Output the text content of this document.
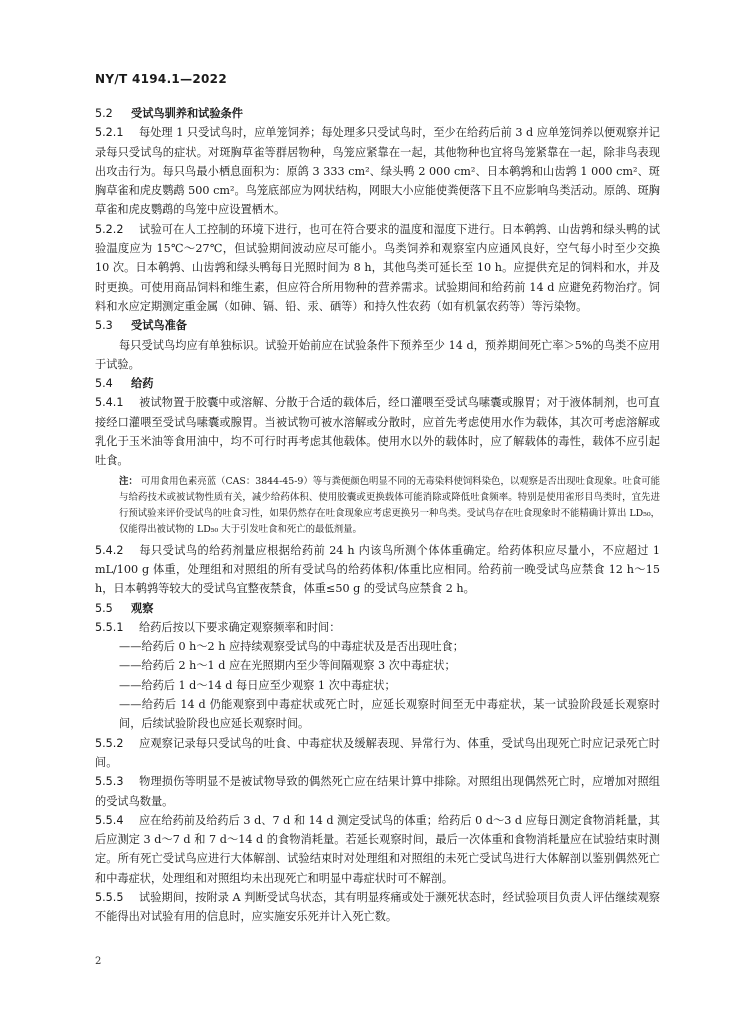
NY/T 4194.1—2022
5.2 受试鸟驯养和试验条件

5.2.1 每处理 1 只受试鸟时，应单笼饲养；每处理多只受试鸟时，至少在给药后前 3 d 应单笼饲养以便观察并记录每只受试鸟的症状。对斑胸草雀等群居物种，鸟笼应紧靠在一起，其他物种也宜将鸟笼紧靠在一起，除非鸟表现出攻击行为。每只鸟最小栖息面积为：原鸽 3 333 cm²、绿头鸭 2 000 cm²、日本鹌鹑和山齿鹑 1 000 cm²、斑胸草雀和虎皮鹦鹉 500 cm²。鸟笼底部应为网状结构，网眼大小应能使粪便落下且不应影响鸟类活动。原鸽、斑胸草雀和虎皮鹦鹉的鸟笼中应设置栖木。

5.2.2 试验可在人工控制的环境下进行，也可在符合要求的温度和湿度下进行。日本鹌鹑、山齿鹑和绿头鸭的试验温度应为 15℃～27℃，但试验期间波动应尽可能小。鸟类饲养和观察室内应通风良好，空气每小时至少交换 10 次。日本鹌鹑、山齿鹑和绿头鸭每日光照时间为 8 h，其他鸟类可延长至 10 h。应提供充足的饲料和水，并及时更换。可使用商品饲料和维生素，但应符合所用物种的营养需求。试验期间和给药前 14 d 应避免药物治疗。饲料和水应定期测定重金属（如砷、镉、铅、汞、硒等）和持久性农药（如有机氯农药等）等污染物。

5.3 受试鸟准备

每只受试鸟均应有单独标识。试验开始前应在试验条件下预养至少 14 d，预养期间死亡率＞5%的鸟类不应用于试验。

5.4 给药

5.4.1 被试物置于胶囊中或溶解、分散于合适的载体后，经口灌喂至受试鸟嗉囊或腺胃；对于液体制剂，也可直接经口灌喂至受试鸟嗉囊或腺胃。当被试物可被水溶解或分散时，应首先考虑使用水作为载体，其次可考虑溶解或乳化于玉米油等食用油中，均不可行时再考虑其他载体。使用水以外的载体时，应了解载体的毒性，载体不应引起吐食。

注： 可用食用色素亮蓝（CAS：3844-45-9）等与粪便颜色明显不同的无毒染料使饲料染色，以观察是否出现吐食现象。吐食可能与给药技术或被试物性质有关，减少给药体积、使用胶囊或更换载体可能消除或降低吐食频率。特别是使用雀形目鸟类时，宜先进行预试验来评价受试鸟的吐食习性，如果仍然存在吐食现象应考虑更换另一种鸟类。受试鸟存在吐食现象时不能精确计算出 LD₅₀，仅能得出被试物的 LD₅₀ 大于引发吐食和死亡的最低剂量。

5.4.2 每只受试鸟的给药剂量应根据给药前 24 h 内该鸟所测个体体重确定。给药体积应尽量小，不应超过 1 mL/100 g 体重，处理组和对照组的所有受试鸟的给药体积/体重比应相同。给药前一晚受试鸟应禁食 12 h～15 h，日本鹌鹑等较大的受试鸟宜整夜禁食，体重≤50 g 的受试鸟应禁食 2 h。

5.5 观察

5.5.1 给药后按以下要求确定观察频率和时间：

——给药后 0 h～2 h 应持续观察受试鸟的中毒症状及是否出现吐食；

——给药后 2 h～1 d 应在光照期内至少等间隔观察 3 次中毒症状；

——给药后 1 d～14 d 每日应至少观察 1 次中毒症状；

——给药后 14 d 仍能观察到中毒症状或死亡时，应延长观察时间至无中毒症状，某一试验阶段延长观察时间，后续试验阶段也应延长观察时间。

5.5.2 应观察记录每只受试鸟的吐食、中毒症状及缓解表现、异常行为、体重，受试鸟出现死亡时应记录死亡时间。

5.5.3 物理损伤等明显不是被试物导致的偶然死亡应在结果计算中排除。对照组出现偶然死亡时，应增加对照组的受试鸟数量。

5.5.4 应在给药前及给药后 3 d、7 d 和 14 d 测定受试鸟的体重；给药后 0 d～3 d 应每日测定食物消耗量，其后应测定 3 d～7 d 和 7 d～14 d 的食物消耗量。若延长观察时间，最后一次体重和食物消耗量应在试验结束时测定。所有死亡受试鸟应进行大体解剖、试验结束时对处理组和对照组的未死亡受试鸟进行大体解剖以鉴别偶然死亡和中毒症状，处理组和对照组均未出现死亡和明显中毒症状时可不解剖。

5.5.5 试验期间，按附录 A 判断受试鸟状态，其有明显疼痛或处于濒死状态时，经试验项目负责人评估继续观察不能得出对试验有用的信息时，应实施安乐死并计入死亡数。

2
